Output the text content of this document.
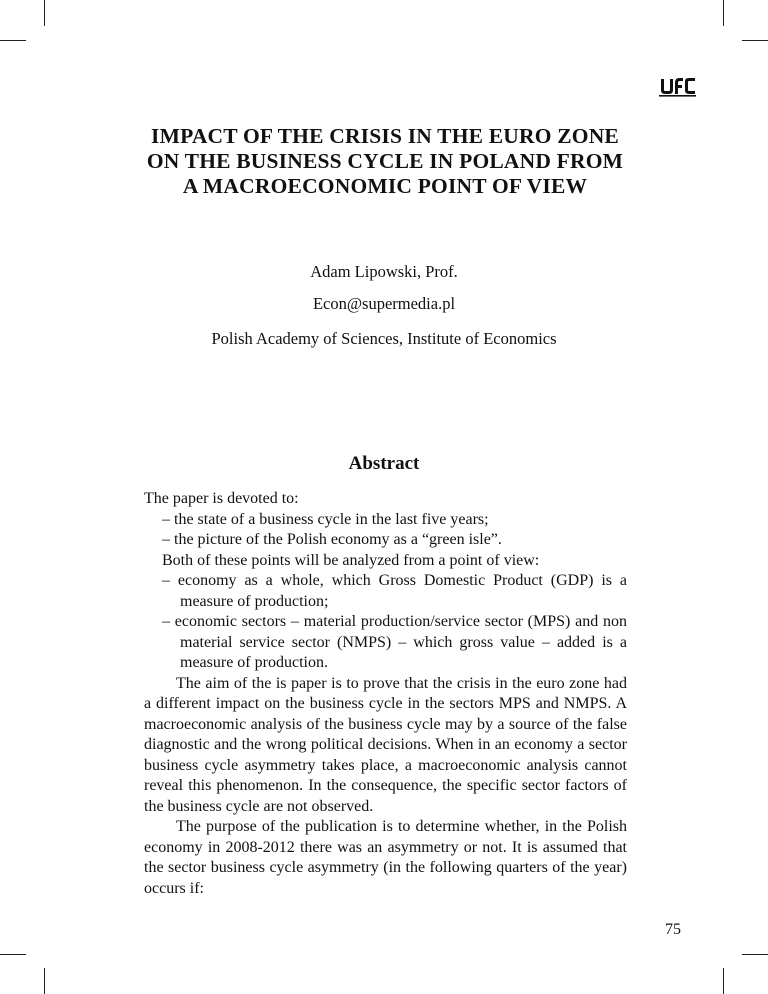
IMPACT OF THE CRISIS IN THE EURO ZONE ON THE BUSINESS CYCLE IN POLAND FROM A MACROECONOMIC POINT OF VIEW

Adam Lipowski, Prof.

Econ@supermedia.pl

Polish Academy of Sciences, Institute of Economics

Abstract

The paper is devoted to:

– the state of a business cycle in the last five years;

– the picture of the Polish economy as a “green isle”.

Both of these points will be analyzed from a point of view:

– economy as a whole, which Gross Domestic Product (GDP) is a measure of production;

– economic sectors – material production/service sector (MPS) and non material service sector (NMPS) – which gross value – added is a measure of production.

The aim of the is paper is to prove that the crisis in the euro zone had a different impact on the business cycle in the sectors MPS and NMPS. A macroeconomic analysis of the business cycle may by a source of the false diagnostic and the wrong political decisions. When in an economy a sector business cycle asymmetry takes place, a macroeconomic analysis cannot reveal this phenomenon. In the consequence, the specific sector factors of the business cycle are not observed.

The purpose of the publication is to determine whether, in the Polish economy in 2008-2012 there was an asymmetry or not. It is assumed that the sector business cycle asymmetry (in the following quarters of the year) occurs if:

75
